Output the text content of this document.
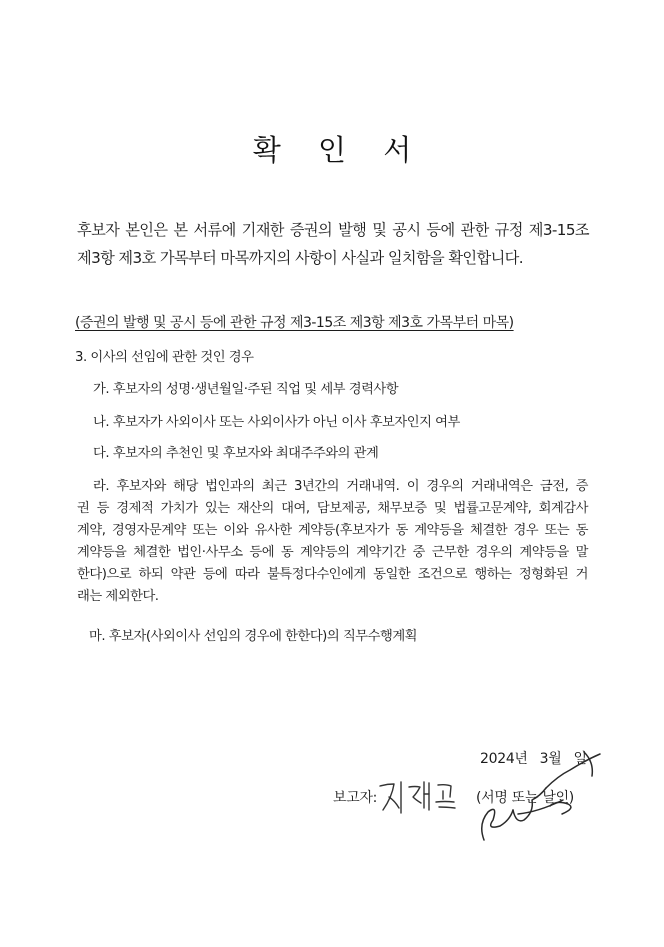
확 인 서
후보자 본인은 본 서류에 기재한 증권의 발행 및 공시 등에 관한 규정 제3-15조
제3항 제3호 가목부터 마목까지의 사항이 사실과 일치함을 확인합니다.
(증권의 발행 및 공시 등에 관한 규정 제3-15조 제3항 제3호 가목부터 마목)
3. 이사의 선임에 관한 것인 경우
가. 후보자의 성명·생년월일·주된 직업 및 세부 경력사항
나. 후보자가 사외이사 또는 사외이사가 아닌 이사 후보자인지 여부
다. 후보자의 추천인 및 후보자와 최대주주와의 관계
라. 후보자와 해당 법인과의 최근 3년간의 거래내역. 이 경우의 거래내역은 금전, 증
권 등 경제적 가치가 있는 재산의 대여, 담보제공, 채무보증 및 법률고문계약, 회계감사
계약, 경영자문계약 또는 이와 유사한 계약등(후보자가 동 계약등을 체결한 경우 또는 동
계약등을 체결한 법인·사무소 등에 동 계약등의 계약기간 중 근무한 경우의 계약등을 말
한다)으로 하되 약관 등에 따라 불특정다수인에게 동일한 조건으로 행하는 정형화된 거
래는 제외한다.
마. 후보자(사외이사 선임의 경우에 한한다)의 직무수행계획
2024년 3월 일
보고자:	(서명 또는 날인)
